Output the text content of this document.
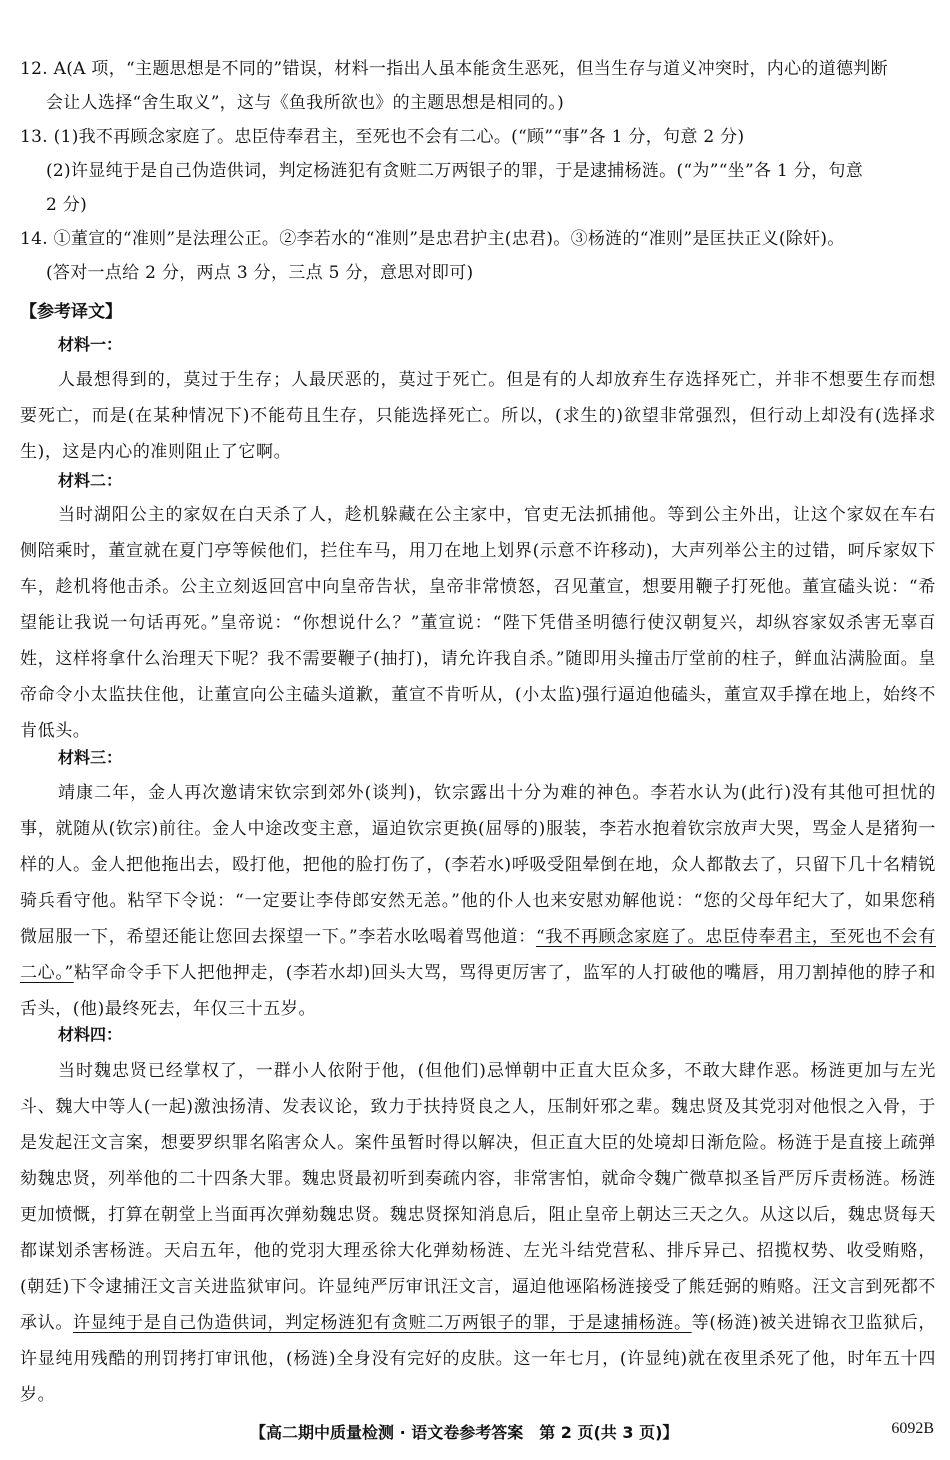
12. A(A 项，“主题思想是不同的”错误，材料一指出人虽本能贪生恶死，但当生存与道义冲突时，内心的道德判断
会让人选择“舍生取义”，这与《鱼我所欲也》的主题思想是相同的。)
13. (1)我不再顾念家庭了。忠臣侍奉君主，至死也不会有二心。(“顾”“事”各 1 分，句意 2 分)
(2)许显纯于是自己伪造供词，判定杨涟犯有贪赃二万两银子的罪，于是逮捕杨涟。(“为”“坐”各 1 分，句意
2 分)
14. ①董宣的“准则”是法理公正。②李若水的“准则”是忠君护主(忠君)。③杨涟的“准则”是匡扶正义(除奸)。
(答对一点给 2 分，两点 3 分，三点 5 分，意思对即可)
【参考译文】
材料一：
人最想得到的，莫过于生存；人最厌恶的，莫过于死亡。但是有的人却放弃生存选择死亡，并非不想要生存而想要死亡，而是(在某种情况下)不能苟且生存，只能选择死亡。所以，(求生的)欲望非常强烈，但行动上却没有(选择求生)，这是内心的准则阻止了它啊。
材料二：
当时湖阳公主的家奴在白天杀了人，趁机躲藏在公主家中，官吏无法抓捕他。等到公主外出，让这个家奴在车右侧陪乘时，董宣就在夏门亭等候他们，拦住车马，用刀在地上划界(示意不许移动)，大声列举公主的过错，呵斥家奴下车，趁机将他击杀。公主立刻返回宫中向皇帝告状，皇帝非常愤怒，召见董宣，想要用鞭子打死他。董宣磕头说：“希望能让我说一句话再死。”皇帝说：“你想说什么？”董宣说：“陛下凭借圣明德行使汉朝复兴，却纵容家奴杀害无辜百姓，这样将拿什么治理天下呢？我不需要鞭子(抽打)，请允许我自杀。”随即用头撞击厅堂前的柱子，鲜血沾满脸面。皇帝命令小太监扶住他，让董宣向公主磕头道歉，董宣不肯听从，(小太监)强行逼迫他磕头，董宣双手撑在地上，始终不肯低头。
材料三：
靖康二年，金人再次邀请宋钦宗到郊外(谈判)，钦宗露出十分为难的神色。李若水认为(此行)没有其他可担忧的事，就随从(钦宗)前往。金人中途改变主意，逼迫钦宗更换(屈辱的)服装，李若水抱着钦宗放声大哭，骂金人是猪狗一样的人。金人把他拖出去，殴打他，把他的脸打伤了，(李若水)呼吸受阻晕倒在地，众人都散去了，只留下几十名精锐骑兵看守他。粘罕下令说：“一定要让李侍郎安然无恙。”他的仆人也来安慰劝解他说：“您的父母年纪大了，如果您稍微屈服一下，希望还能让您回去探望一下。”李若水吆喝着骂他道：“我不再顾念家庭了。忠臣侍奉君主，至死也不会有二心。”粘罕命令手下人把他押走，(李若水却)回头大骂，骂得更厉害了，监军的人打破他的嘴唇，用刀割掉他的脖子和舌头，(他)最终死去，年仅三十五岁。
材料四：
当时魏忠贤已经掌权了，一群小人依附于他，(但他们)忌惮朝中正直大臣众多，不敢大肆作恶。杨涟更加与左光斗、魏大中等人(一起)激浊扬清、发表议论，致力于扶持贤良之人，压制奸邪之辈。魏忠贤及其党羽对他恨之入骨，于是发起汪文言案，想要罗织罪名陷害众人。案件虽暂时得以解决，但正直大臣的处境却日渐危险。杨涟于是直接上疏弹劾魏忠贤，列举他的二十四条大罪。魏忠贤最初听到奏疏内容，非常害怕，就命令魏广微草拟圣旨严厉斥责杨涟。杨涟更加愤慨，打算在朝堂上当面再次弹劾魏忠贤。魏忠贤探知消息后，阻止皇帝上朝达三天之久。从这以后，魏忠贤每天都谋划杀害杨涟。天启五年，他的党羽大理丞徐大化弹劾杨涟、左光斗结党营私、排斥异己、招揽权势、收受贿赂，(朝廷)下令逮捕汪文言关进监狱审问。许显纯严厉审讯汪文言，逼迫他诬陷杨涟接受了熊廷弼的贿赂。汪文言到死都不承认。许显纯于是自己伪造供词，判定杨涟犯有贪赃二万两银子的罪，于是逮捕杨涟。等(杨涟)被关进锦衣卫监狱后，许显纯用残酷的刑罚拷打审讯他，(杨涟)全身没有完好的皮肤。这一年七月，(许显纯)就在夜里杀死了他，时年五十四岁。
【高二期中质量检测 · 语文卷参考答案　第 2 页(共 3 页)】	6092B
